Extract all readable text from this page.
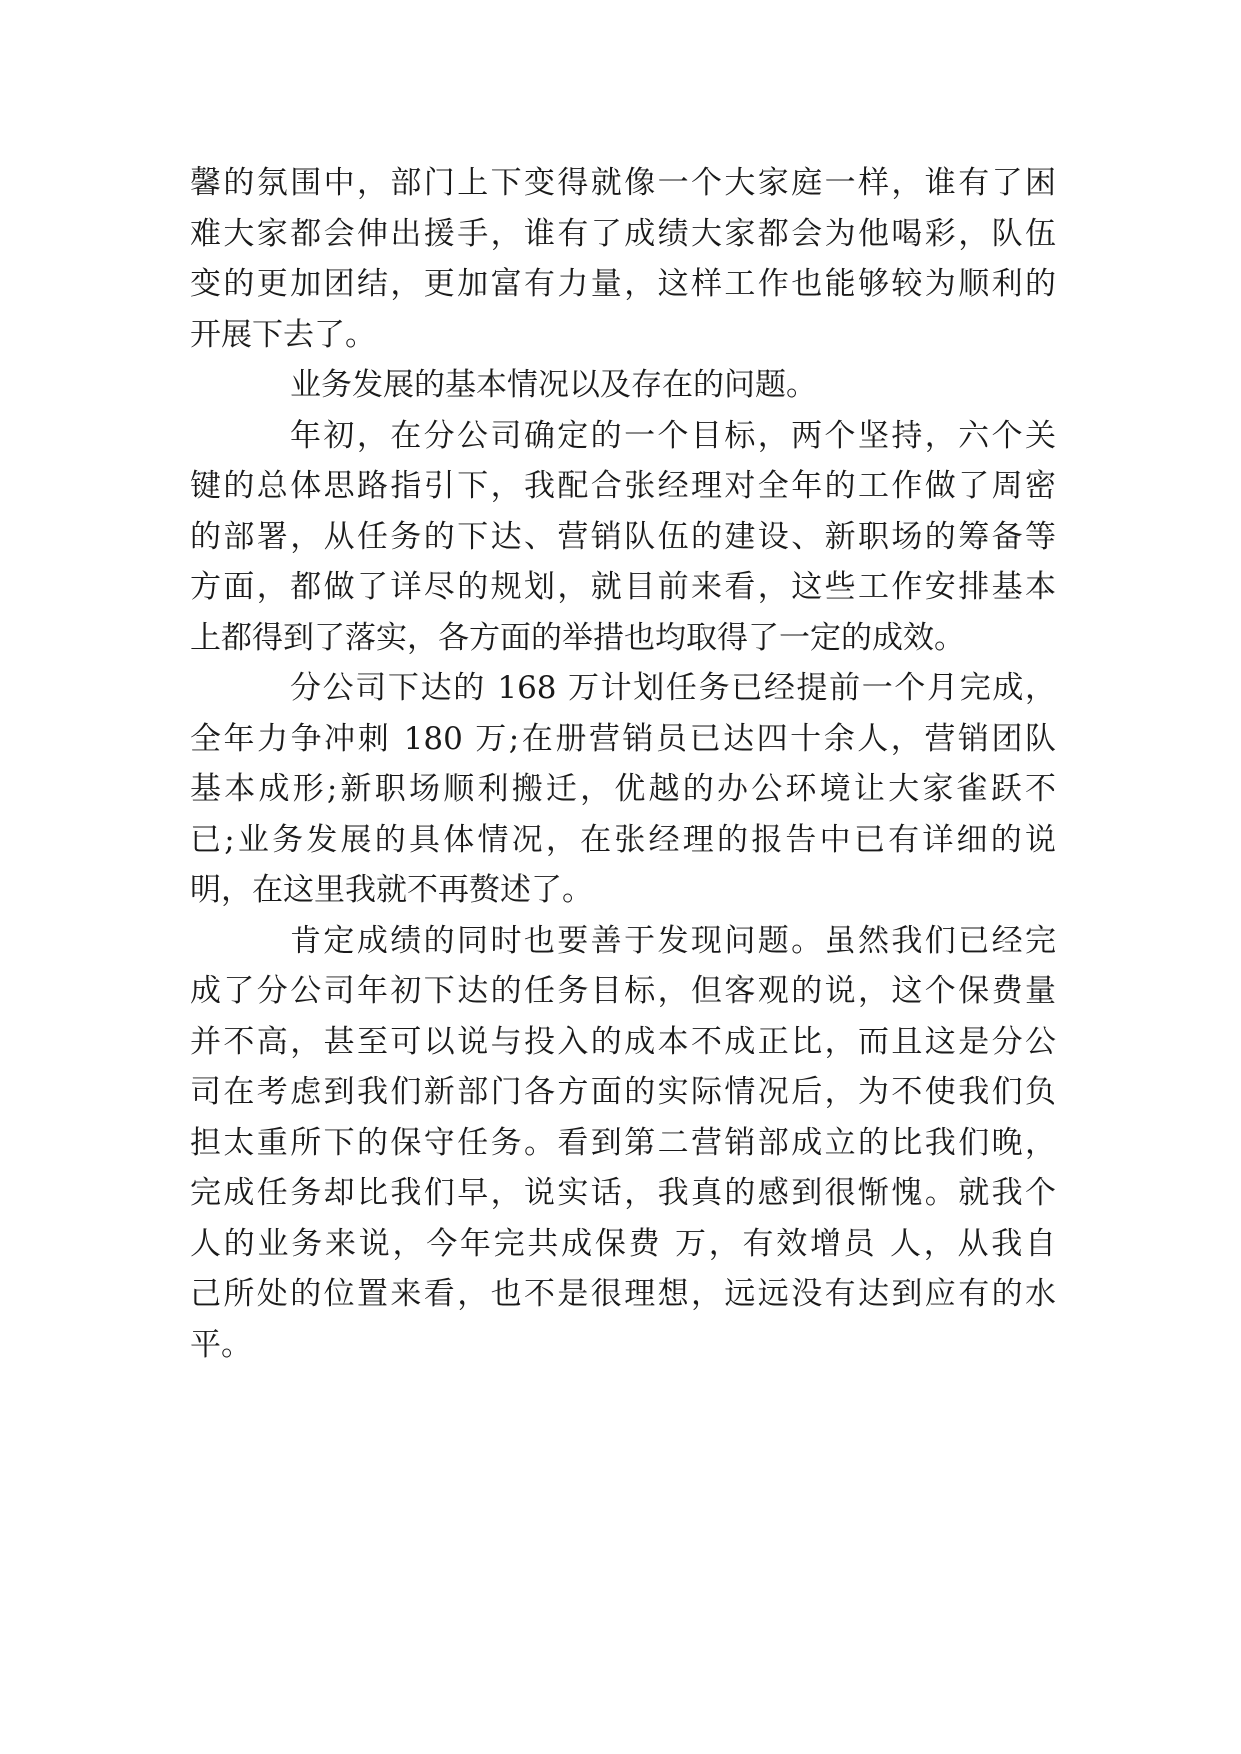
馨的氛围中，部门上下变得就像一个大家庭一样，谁有了困
难大家都会伸出援手，谁有了成绩大家都会为他喝彩，队伍
变的更加团结，更加富有力量，这样工作也能够较为顺利的
开展下去了。
业务发展的基本情况以及存在的问题。
年初，在分公司确定的一个目标，两个坚持，六个关
键的总体思路指引下，我配合张经理对全年的工作做了周密
的部署，从任务的下达、营销队伍的建设、新职场的筹备等
方面，都做了详尽的规划，就目前来看，这些工作安排基本
上都得到了落实，各方面的举措也均取得了一定的成效。
分公司下达的 168 万计划任务已经提前一个月完成，
全年力争冲刺 180 万;在册营销员已达四十余人，营销团队
基本成形;新职场顺利搬迁，优越的办公环境让大家雀跃不
已;业务发展的具体情况，在张经理的报告中已有详细的说
明，在这里我就不再赘述了。
肯定成绩的同时也要善于发现问题。虽然我们已经完
成了分公司年初下达的任务目标，但客观的说，这个保费量
并不高，甚至可以说与投入的成本不成正比，而且这是分公
司在考虑到我们新部门各方面的实际情况后，为不使我们负
担太重所下的保守任务。看到第二营销部成立的比我们晚，
完成任务却比我们早，说实话，我真的感到很惭愧。就我个
人的业务来说，今年完共成保费 万，有效增员 人，从我自
己所处的位置来看，也不是很理想，远远没有达到应有的水
平。
